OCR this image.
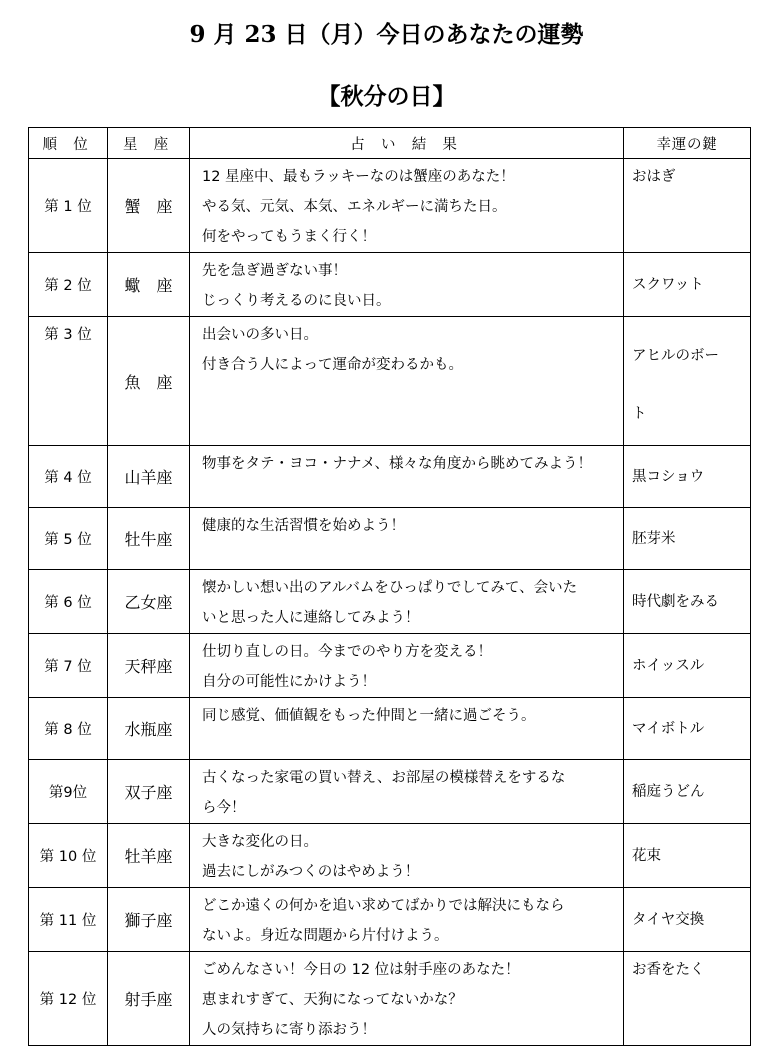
9 月 23 日（月）今日のあなたの運勢
【秋分の日】
順 位	星 座	占 い 結 果	幸運の鍵
第 1 位	蟹　座	12 星座中、最もラッキーなのは蟹座のあなた！
やる気、元気、本気、エネルギーに満ちた日。
何をやってもうまく行く！	おはぎ
第 2 位	蠍　座	先を急ぎ過ぎない事！
じっくり考えるのに良い日。	スクワット
第 3 位	魚　座	出会いの多い日。
付き合う人によって運命が変わるかも。	アヒルのボー
ト

第 4 位	山羊座	物事をタテ・ヨコ・ナナメ、様々な角度から眺めてみよう！	黒コショウ
第 5 位	牡牛座	健康的な生活習慣を始めよう！	胚芽米
第 6 位	乙女座	懐かしい想い出のアルバムをひっぱりでしてみて、会いた
いと思った人に連絡してみよう！	時代劇をみる
第 7 位	天秤座	仕切り直しの日。今までのやり方を変える！
自分の可能性にかけよう！	ホイッスル
第 8 位	水瓶座	同じ感覚、価値観をもった仲間と一緒に過ごそう。	マイボトル
第9位	双子座	古くなった家電の買い替え、お部屋の模様替えをするな
ら今！	稲庭うどん
第 10 位	牡羊座	大きな変化の日。
過去にしがみつくのはやめよう！	花束
第 11 位	獅子座	どこか遠くの何かを追い求めてばかりでは解決にもなら
ないよ。身近な問題から片付けよう。	タイヤ交換
第 12 位	射手座	ごめんなさい！今日の 12 位は射手座のあなた！
恵まれすぎて、天狗になってないかな？
人の気持ちに寄り添おう！	お香をたく
